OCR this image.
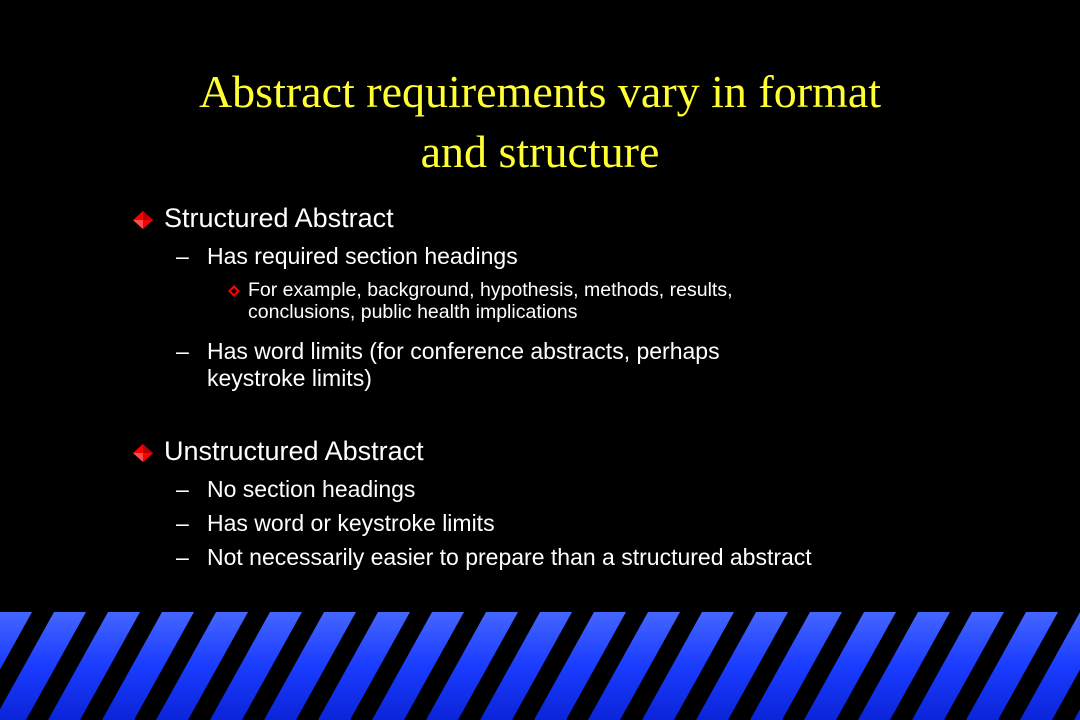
Abstract requirements vary in format
and structure
Structured Abstract
– Has required section headings
For example, background, hypothesis, methods, results,
conclusions, public health implications
– Has word limits (for conference abstracts, perhaps
keystroke limits)
Unstructured Abstract
– No section headings
– Has word or keystroke limits
– Not necessarily easier to prepare than a structured abstract
